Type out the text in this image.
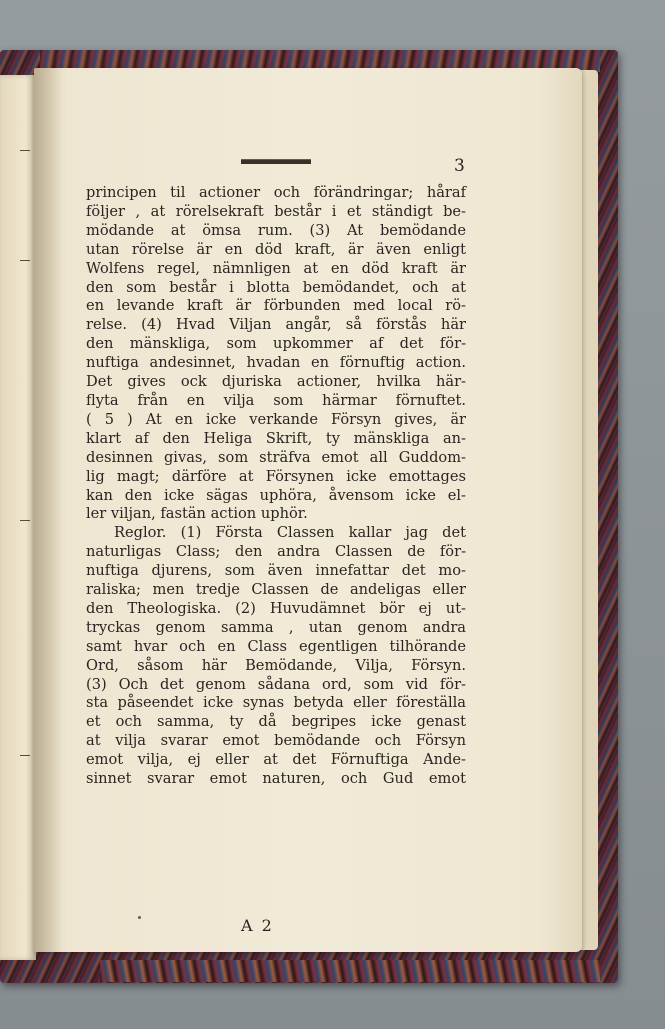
3
principen til actioner och förändringar; håraf
följer , at rörelsekraft består i et ständigt be-
mödande at ömsa rum. (3) At bemödande
utan rörelse är en död kraft, är även enligt
Wolfens regel, nämnligen at en död kraft är
den som består i blotta bemödandet, och at
en levande kraft är förbunden med local rö-
relse. (4) Hvad Viljan angår, så förstås här
den mänskliga, som upkommer af det för-
nuftiga andesinnet, hvadan en förnuftig action.
Det gives ock djuriska actioner, hvilka här-
flyta från en vilja som härmar förnuftet.
( 5 ) At en icke verkande Försyn gives, är
klart af den Heliga Skrift, ty mänskliga an-
desinnen givas, som sträfva emot all Guddom-
lig magt; därföre at Försynen icke emottages
kan den icke sägas uphöra, åvensom icke el-
ler viljan, fastän action uphör.
Reglor. (1) Första Classen kallar jag det
naturligas Class; den andra Classen de för-
nuftiga djurens, som även innefattar det mo-
raliska; men tredje Classen de andeligas eller
den Theologiska. (2) Huvudämnet bör ej ut-
tryckas genom samma , utan genom andra
samt hvar och en Class egentligen tilhörande
Ord, såsom här Bemödande, Vilja, Försyn.
(3) Och det genom sådana ord, som vid för-
sta påseendet icke synas betyda eller föreställa
et och samma, ty då begripes icke genast
at vilja svarar emot bemödande och Försyn
emot vilja, ej eller at det Förnuftiga Ande-
sinnet svarar emot naturen, och Gud emot
A 2
